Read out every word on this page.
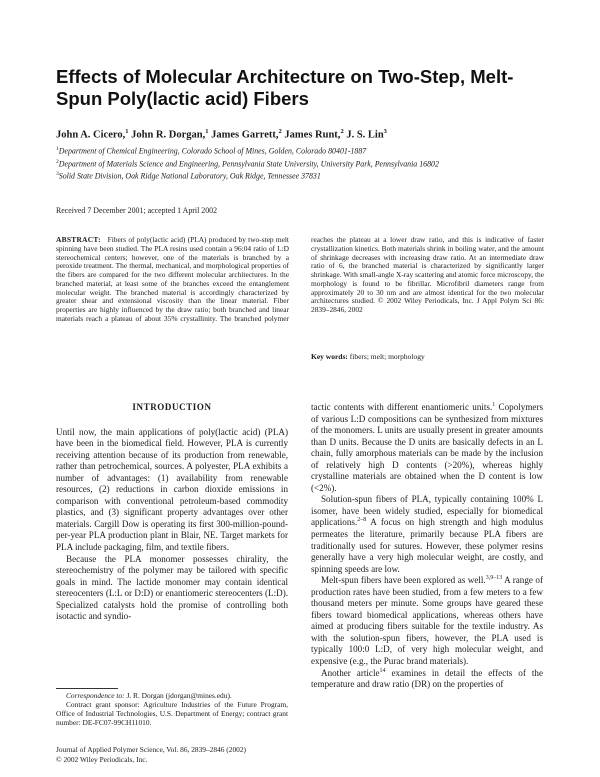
Effects of Molecular Architecture on Two-Step, Melt-Spun Poly(lactic acid) Fibers
John A. Cicero,$^1$ John R. Dorgan,$^1$ James Garrett,$^2$ James Runt,$^2$ J. S. Lin$^3$
$^1$Department of Chemical Engineering, Colorado School of Mines, Golden, Colorado 80401-1887
$^2$Department of Materials Science and Engineering, Pennsylvania State University, University Park, Pennsylvania 16802
$^3$Solid State Division, Oak Ridge National Laboratory, Oak Ridge, Tennessee 37831
Received 7 December 2001; accepted 1 April 2002
ABSTRACT: Fibers of poly(lactic acid) (PLA) produced by two-step melt spinning have been studied. The PLA resins used contain a 96:04 ratio of L:D stereochemical centers; however, one of the materials is branched by a peroxide treatment. The thermal, mechanical, and morphological properties of the fibers are compared for the two different molecular architectures. In the branched material, at least some of the branches exceed the entanglement molecular weight. The branched material is accordingly characterized by greater shear and extensional viscosity than the linear material. Fiber properties are highly influenced by the draw ratio; both branched and linear materials reach a plateau of about 35% crystallinity. The branched polymer reaches the plateau at a lower draw ratio, and this is indicative of faster crystallization kinetics. Both materials shrink in boiling water, and the amount of shrinkage decreases with increasing draw ratio. At an intermediate draw ratio of 6, the branched material is characterized by significantly larger shrinkage. With small-angle X-ray scattering and atomic force microscopy, the morphology is found to be fibrillar. Microfibril diameters range from approximately 20 to 30 nm and are almost identical for the two molecular architectures studied. © 2002 Wiley Periodicals, Inc. J Appl Polym Sci 86: 2839–2846, 2002
Key words: fibers; melt; morphology
INTRODUCTION

Until now, the main applications of poly(lactic acid) (PLA) have been in the biomedical field. However, PLA is currently receiving attention because of its production from renewable, rather than petrochemical, sources. A polyester, PLA exhibits a number of advantages: (1) availability from renewable resources, (2) reductions in carbon dioxide emissions in comparison with conventional petroleum-based commodity plastics, and (3) significant property advantages over other materials. Cargill Dow is operating its first 300-million-pound-per-year PLA production plant in Blair, NE. Target markets for PLA include packaging, film, and textile fibers.

Because the PLA monomer possesses chirality, the stereochemistry of the polymer may be tailored with specific goals in mind. The lactide monomer may contain identical stereocenters (L:L or D:D) or enantiomeric stereocenters (L:D). Specialized catalysts hold the promise of controlling both isotactic and syndio-

tactic contents with different enantiomeric units.$^1$ Copolymers of various L:D compositions can be synthesized from mixtures of the monomers. L units are usually present in greater amounts than D units. Because the D units are basically defects in an L chain, fully amorphous materials can be made by the inclusion of relatively high D contents (>20%), whereas highly crystalline materials are obtained when the D content is low (<2%).

Solution-spun fibers of PLA, typically containing 100% L isomer, have been widely studied, especially for biomedical applications.$^{2-8}$ A focus on high strength and high modulus permeates the literature, primarily because PLA fibers are traditionally used for sutures. However, these polymer resins generally have a very high molecular weight, are costly, and spinning speeds are low.

Melt-spun fibers have been explored as well.$^{3,9-13}$ A range of production rates have been studied, from a few meters to a few thousand meters per minute. Some groups have geared these fibers toward biomedical applications, whereas others have aimed at producing fibers suitable for the textile industry. As with the solution-spun fibers, however, the PLA used is typically 100:0 L:D, of very high molecular weight, and expensive (e.g., the Purac brand materials).

Another article$^{14}$ examines in detail the effects of the temperature and draw ratio (DR) on the properties of

Correspondence to: J. R. Dorgan (jdorgan@mines.edu).

Contract grant sponsor: Agriculture Industries of the Future Program, Office of Industrial Technologies, U.S. Department of Energy; contract grant number: DE-FC07-99CH11010.

Journal of Applied Polymer Science, Vol. 86, 2839–2846 (2002)

© 2002 Wiley Periodicals, Inc.
